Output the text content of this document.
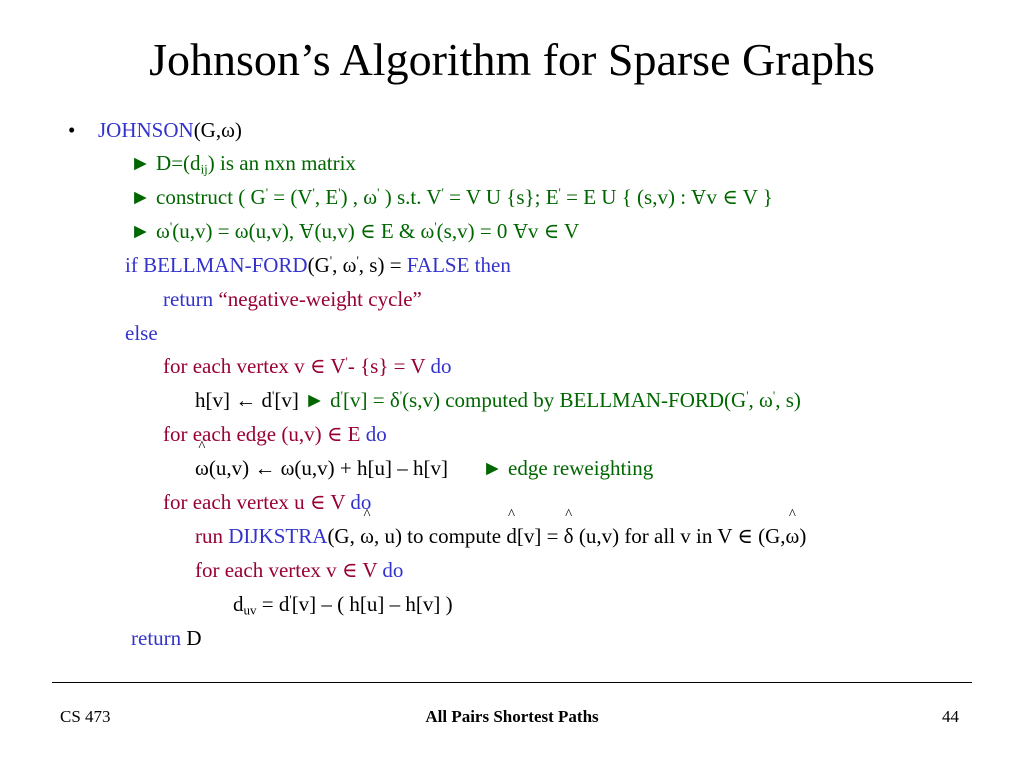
Johnson’s Algorithm for Sparse Graphs
• JOHNSON(G,ω)
► $D=(d_{ij})$ is an nxn matrix
► construct ( G' = (V', E') , ω' ) s.t. V' = V U {s}; E' = E U { (s,v) : Av ∈ V }
► ω'(u,v) = ω(u,v), A(u,v) ∈ E & ω'(s,v) = 0 Av ∈ V
if BELLMAN-FORD(G', ω', s) = FALSE then
return “negative-weight cycle”
else
for each vertex v ∈ V'- {s} = V do
h[v] ← d'[v] ► d'[v] = δ'(s,v) computed by BELLMAN-FORD(G', ω', s)
for each edge (u,v) ∈ E do
^ ω(u,v) ← ω(u,v) + h[u] – h[v] ► edge reweighting
for each vertex u ∈ V do
run DIJKSTRA(G, ^ ω, u) to compute ^ d[v] = ^ δ (u,v) for all v in V ∈ (G,^ ω)
for each vertex v ∈ V do
$d_{uv} = d'[v]$ – ( h[u] – h[v] )
return D
CS 473	All Pairs Shortest Paths	44
